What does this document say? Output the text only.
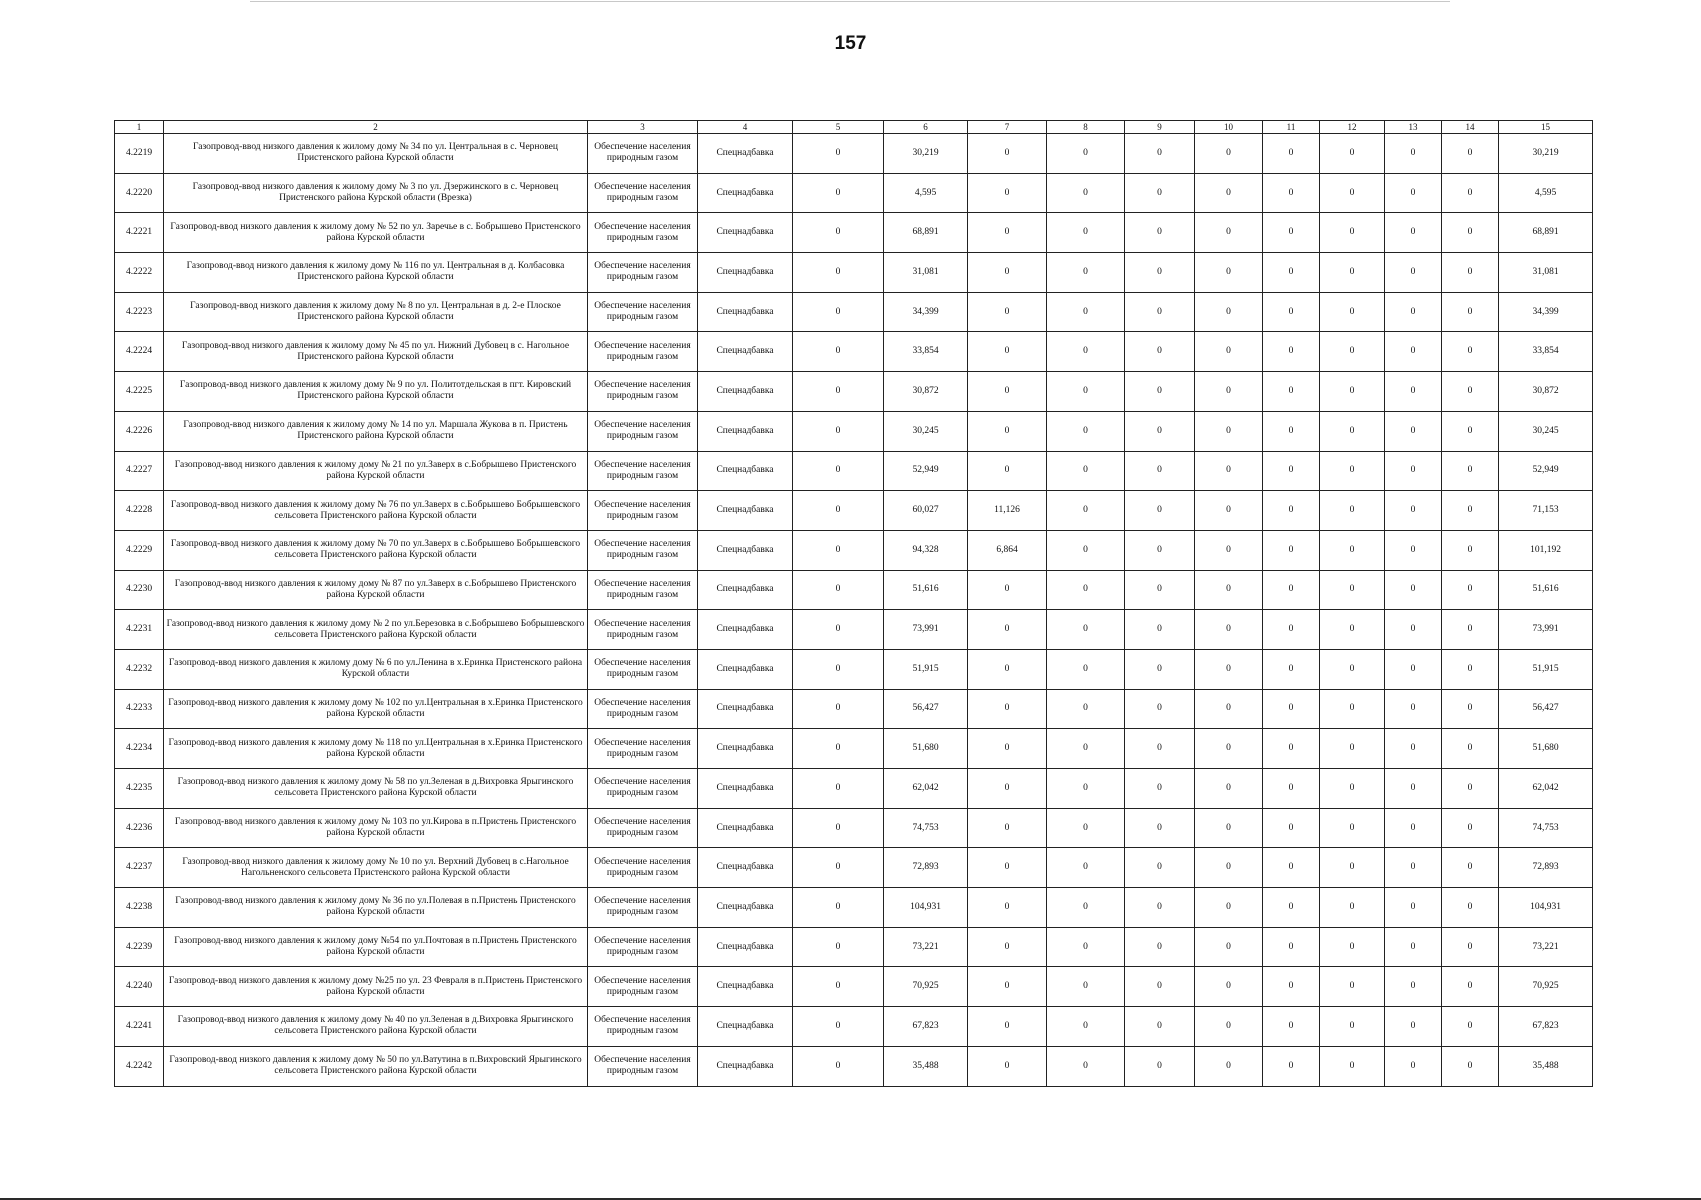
157
1	2	3	4	5	6	7	8	9	10	11	12	13	14	15
4.2219	Газопровод-ввод низкого давления к жилому дому № 34 по ул. Центральная в с. Черновец Пристенского района Курской области	Обеспечение населения природным газом	Спецнадбавка	0	30,219	0	0	0	0	0	0	0	0	30,219
4.2220	Газопровод-ввод низкого давления к жилому дому № 3 по ул. Дзержинского в с. Черновец Пристенского района Курской области (Врезка)	Обеспечение населения природным газом	Спецнадбавка	0	4,595	0	0	0	0	0	0	0	0	4,595
4.2221	Газопровод-ввод низкого давления к жилому дому № 52 по ул. Заречье в с. Бобрышево Пристенского района Курской области	Обеспечение населения природным газом	Спецнадбавка	0	68,891	0	0	0	0	0	0	0	0	68,891
4.2222	Газопровод-ввод низкого давления к жилому дому № 116 по ул. Центральная в д. Колбасовка Пристенского района Курской области	Обеспечение населения природным газом	Спецнадбавка	0	31,081	0	0	0	0	0	0	0	0	31,081
4.2223	Газопровод-ввод низкого давления к жилому дому № 8 по ул. Центральная в д. 2-е Плоское Пристенского района Курской области	Обеспечение населения природным газом	Спецнадбавка	0	34,399	0	0	0	0	0	0	0	0	34,399
4.2224	Газопровод-ввод низкого давления к жилому дому № 45 по ул. Нижний Дубовец в с. Нагольное Пристенского района Курской области	Обеспечение населения природным газом	Спецнадбавка	0	33,854	0	0	0	0	0	0	0	0	33,854
4.2225	Газопровод-ввод низкого давления к жилому дому № 9 по ул. Политотдельская в пгт. Кировский Пристенского района Курской области	Обеспечение населения природным газом	Спецнадбавка	0	30,872	0	0	0	0	0	0	0	0	30,872
4.2226	Газопровод-ввод низкого давления к жилому дому № 14 по ул. Маршала Жукова в п. Пристень Пристенского района Курской области	Обеспечение населения природным газом	Спецнадбавка	0	30,245	0	0	0	0	0	0	0	0	30,245
4.2227	Газопровод-ввод низкого давления к жилому дому № 21 по ул.Заверх в с.Бобрышево Пристенского района Курской области	Обеспечение населения природным газом	Спецнадбавка	0	52,949	0	0	0	0	0	0	0	0	52,949
4.2228	Газопровод-ввод низкого давления к жилому дому № 76 по ул.Заверх в с.Бобрышево Бобрышевского сельсовета Пристенского района Курской области	Обеспечение населения природным газом	Спецнадбавка	0	60,027	11,126	0	0	0	0	0	0	0	71,153
4.2229	Газопровод-ввод низкого давления к жилому дому № 70 по ул.Заверх в с.Бобрышево Бобрышевского сельсовета Пристенского района Курской области	Обеспечение населения природным газом	Спецнадбавка	0	94,328	6,864	0	0	0	0	0	0	0	101,192
4.2230	Газопровод-ввод низкого давления к жилому дому № 87 по ул.Заверх в с.Бобрышево Пристенского района Курской области	Обеспечение населения природным газом	Спецнадбавка	0	51,616	0	0	0	0	0	0	0	0	51,616
4.2231	Газопровод-ввод низкого давления к жилому дому № 2 по ул.Березовка в с.Бобрышево Бобрышевского сельсовета Пристенского района Курской области	Обеспечение населения природным газом	Спецнадбавка	0	73,991	0	0	0	0	0	0	0	0	73,991
4.2232	Газопровод-ввод низкого давления к жилому дому № 6 по ул.Ленина в х.Еринка Пристенского района Курской области	Обеспечение населения природным газом	Спецнадбавка	0	51,915	0	0	0	0	0	0	0	0	51,915
4.2233	Газопровод-ввод низкого давления к жилому дому № 102 по ул.Центральная в х.Еринка Пристенского района Курской области	Обеспечение населения природным газом	Спецнадбавка	0	56,427	0	0	0	0	0	0	0	0	56,427
4.2234	Газопровод-ввод низкого давления к жилому дому № 118 по ул.Центральная в х.Еринка Пристенского района Курской области	Обеспечение населения природным газом	Спецнадбавка	0	51,680	0	0	0	0	0	0	0	0	51,680
4.2235	Газопровод-ввод низкого давления к жилому дому № 58 по ул.Зеленая в д.Вихровка Ярыгинского сельсовета Пристенского района Курской области	Обеспечение населения природным газом	Спецнадбавка	0	62,042	0	0	0	0	0	0	0	0	62,042
4.2236	Газопровод-ввод низкого давления к жилому дому № 103 по ул.Кирова в п.Пристень Пристенского района Курской области	Обеспечение населения природным газом	Спецнадбавка	0	74,753	0	0	0	0	0	0	0	0	74,753
4.2237	Газопровод-ввод низкого давления к жилому дому № 10 по ул. Верхний Дубовец в с.Нагольное Нагольненского сельсовета Пристенского района Курской области	Обеспечение населения природным газом	Спецнадбавка	0	72,893	0	0	0	0	0	0	0	0	72,893
4.2238	Газопровод-ввод низкого давления к жилому дому № 36 по ул.Полевая в п.Пристень Пристенского района Курской области	Обеспечение населения природным газом	Спецнадбавка	0	104,931	0	0	0	0	0	0	0	0	104,931
4.2239	Газопровод-ввод низкого давления к жилому дому №54 по ул.Почтовая в п.Пристень Пристенского района Курской области	Обеспечение населения природным газом	Спецнадбавка	0	73,221	0	0	0	0	0	0	0	0	73,221
4.2240	Газопровод-ввод низкого давления к жилому дому №25 по ул. 23 Февраля в п.Пристень Пристенского района Курской области	Обеспечение населения природным газом	Спецнадбавка	0	70,925	0	0	0	0	0	0	0	0	70,925
4.2241	Газопровод-ввод низкого давления к жилому дому № 40 по ул.Зеленая в д.Вихровка Ярыгинского сельсовета Пристенского района Курской области	Обеспечение населения природным газом	Спецнадбавка	0	67,823	0	0	0	0	0	0	0	0	67,823
4.2242	Газопровод-ввод низкого давления к жилому дому № 50 по ул.Ватутина в п.Вихровский Ярыгинского сельсовета Пристенского района Курской области	Обеспечение населения природным газом	Спецнадбавка	0	35,488	0	0	0	0	0	0	0	0	35,488
